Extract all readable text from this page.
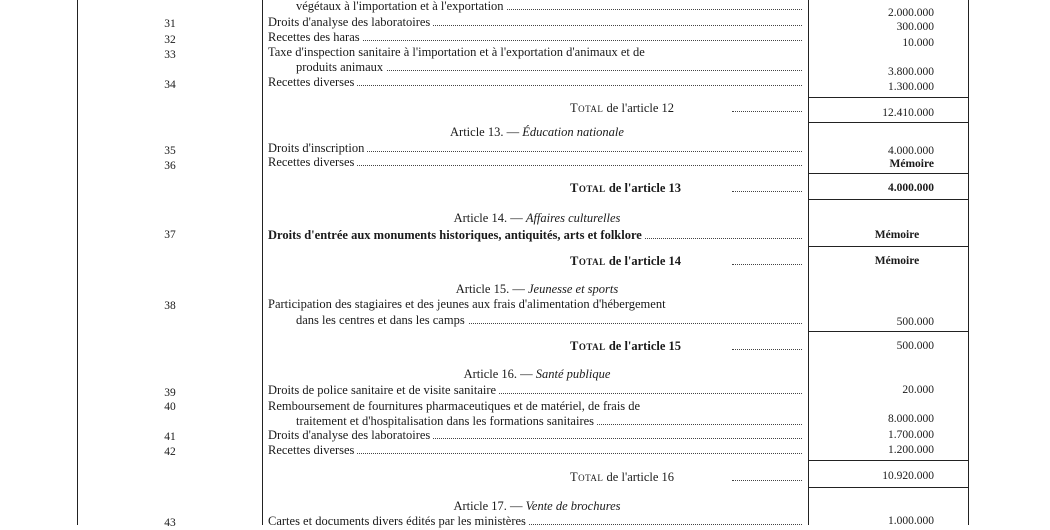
végétaux à l'importation et à l'exportation	2.000.000
31	Droits d'analyse des laboratoires	300.000
32	Recettes des haras	10.000
33	Taxe d'inspection sanitaire à l'importation et à l'exportation d'animaux et de
produits animaux	3.800.000
34	Recettes diverses	1.300.000
Total de l'article 12	12.410.000
Article 13. — Éducation nationale
35	Droits d'inscription	4.000.000
36	Recettes diverses	Mémoire
Total de l'article 13	4.000.000
Article 14. — Affaires culturelles
37	Droits d'entrée aux monuments historiques, antiquités, arts et folklore	Mémoire
Total de l'article 14	Mémoire
Article 15. — Jeunesse et sports
38	Participation des stagiaires et des jeunes aux frais d'alimentation d'hébergement
dans les centres et dans les camps	500.000
Total de l'article 15	500.000
Article 16. — Santé publique
39	Droits de police sanitaire et de visite sanitaire	20.000
40	Remboursement de fournitures pharmaceutiques et de matériel, de frais de
traitement et d'hospitalisation dans les formations sanitaires	8.000.000
41	Droits d'analyse des laboratoires	1.700.000
42	Recettes diverses	1.200.000
Total de l'article 16	10.920.000
Article 17. — Vente de brochures
43	Cartes et documents divers édités par les ministères	1.000.000
